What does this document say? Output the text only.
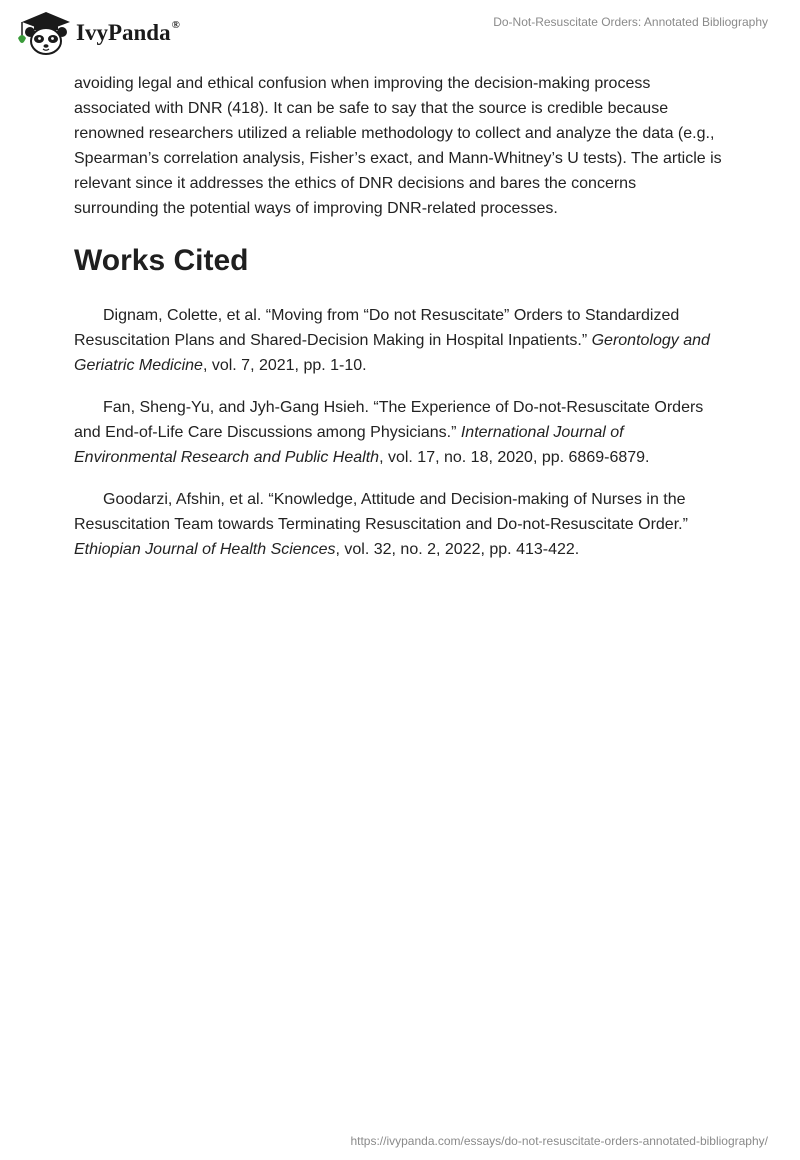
IvyPanda®	Do-Not-Resuscitate Orders: Annotated Bibliography

avoiding legal and ethical confusion when improving the decision-making process associated with DNR (418). It can be safe to say that the source is credible because renowned researchers utilized a reliable methodology to collect and analyze the data (e.g., Spearman’s correlation analysis, Fisher’s exact, and Mann-Whitney’s U tests). The article is relevant since it addresses the ethics of DNR decisions and bares the concerns surrounding the potential ways of improving DNR-related processes.

Works Cited

Dignam, Colette, et al. “Moving from “Do not Resuscitate” Orders to Standardized Resuscitation Plans and Shared-Decision Making in Hospital Inpatients.” Gerontology and Geriatric Medicine, vol. 7, 2021, pp. 1-10.

Fan, Sheng-Yu, and Jyh-Gang Hsieh. “The Experience of Do-not-Resuscitate Orders and End-of-Life Care Discussions among Physicians.” International Journal of Environmental Research and Public Health, vol. 17, no. 18, 2020, pp. 6869-6879.

Goodarzi, Afshin, et al. “Knowledge, Attitude and Decision-making of Nurses in the Resuscitation Team towards Terminating Resuscitation and Do-not-Resuscitate Order.” Ethiopian Journal of Health Sciences, vol. 32, no. 2, 2022, pp. 413-422.

https://ivypanda.com/essays/do-not-resuscitate-orders-annotated-bibliography/
